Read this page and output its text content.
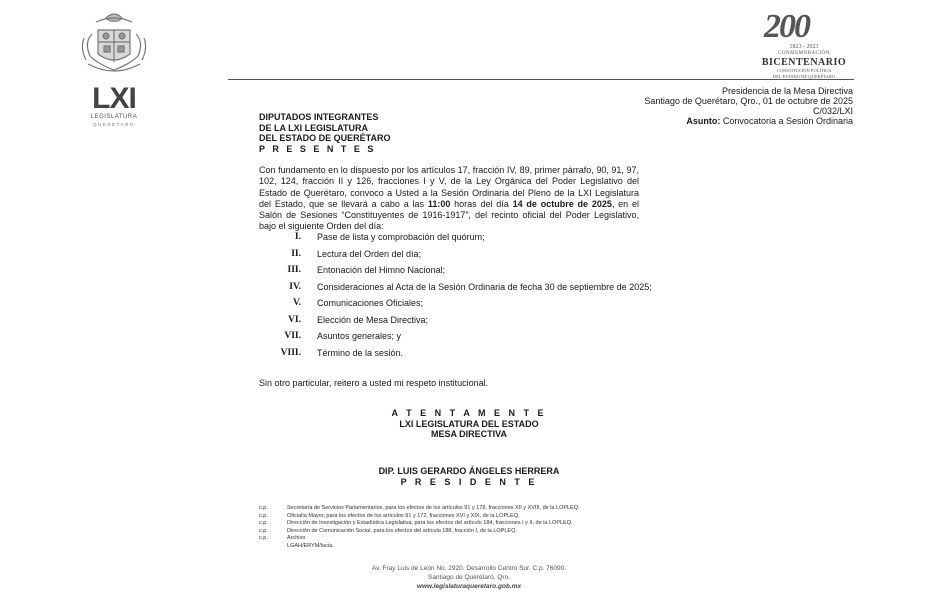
LXI
LEGISLATURA
QUERÉTARO
200
1823 - 2023
CONMEMORACIÓN
BICENTENARIO
CONSTITUCIÓN POLÍTICA
DEL ESTADO DE QUERÉTARO
Presidencia de la Mesa Directiva
Santiago de Querétaro, Qro., 01 de octubre de 2025
C/032/LXI
Asunto: Convocatoria a Sesión Ordinaria
DIPUTADOS INTEGRANTES
DE LA LXI LEGISLATURA
DEL ESTADO DE QUERÉTARO
P R E S E N T E S
Con fundamento en lo dispuesto por los artículos 17, fracción IV, 89, primer párrafo, 90, 91, 97, 102, 124, fracción II y 126, fracciones I y V, de la Ley Orgánica del Poder Legislativo del Estado de Querétaro, convoco a Usted a la Sesión Ordinaria del Pleno de la LXI Legislatura del Estado, que se llevará a cabo a las 11:00 horas del día 14 de octubre de 2025, en el Salón de Sesiones “Constituyentes de 1916-1917”, del recinto oficial del Poder Legislativo, bajo el siguiente Orden del día:
I. Pase de lista y comprobación del quórum;
II. Lectura del Orden del día;
III. Entonación del Himno Nacional;
IV. Consideraciones al Acta de la Sesión Ordinaria de fecha 30 de septiembre de 2025;
V. Comunicaciones Oficiales;
VI. Elección de Mesa Directiva;
VII. Asuntos generales; y
VIII. Término de la sesión.
Sin otro particular, reitero a usted mi respeto institucional.
A T E N T A M E N T E
LXI LEGISLATURA DEL ESTADO
MESA DIRECTIVA
DIP. LUIS GERARDO ÁNGELES HERRERA
P R E S I D E N T E
c.p.	Secretaría de Servicios Parlamentarios, para los efectos de los artículos 91 y 178, fracciones XII y XVIII, de la LOPLEQ.
c.p.	Oficialía Mayor, para los efectos de los artículos 91 y 172, fracciones XVI y XIX, de la LOPLEQ.
c.p.	Dirección de Investigación y Estadística Legislativa, para los efectos del artículo 184, fracciones I y II, de la LOPLEQ.
c.p.	Dirección de Comunicación Social, para los efectos del artículo 188, fracción I, de la LOPLEQ.
c.p.	Archivo
LGAH/ERYM/lacia.
Av. Fray Luis de León No. 2920. Desarrollo Centro Sur. C.p. 76090.
Santiago de Querétaro, Qro.
www.legislaturaqueretaro.gob.mx
